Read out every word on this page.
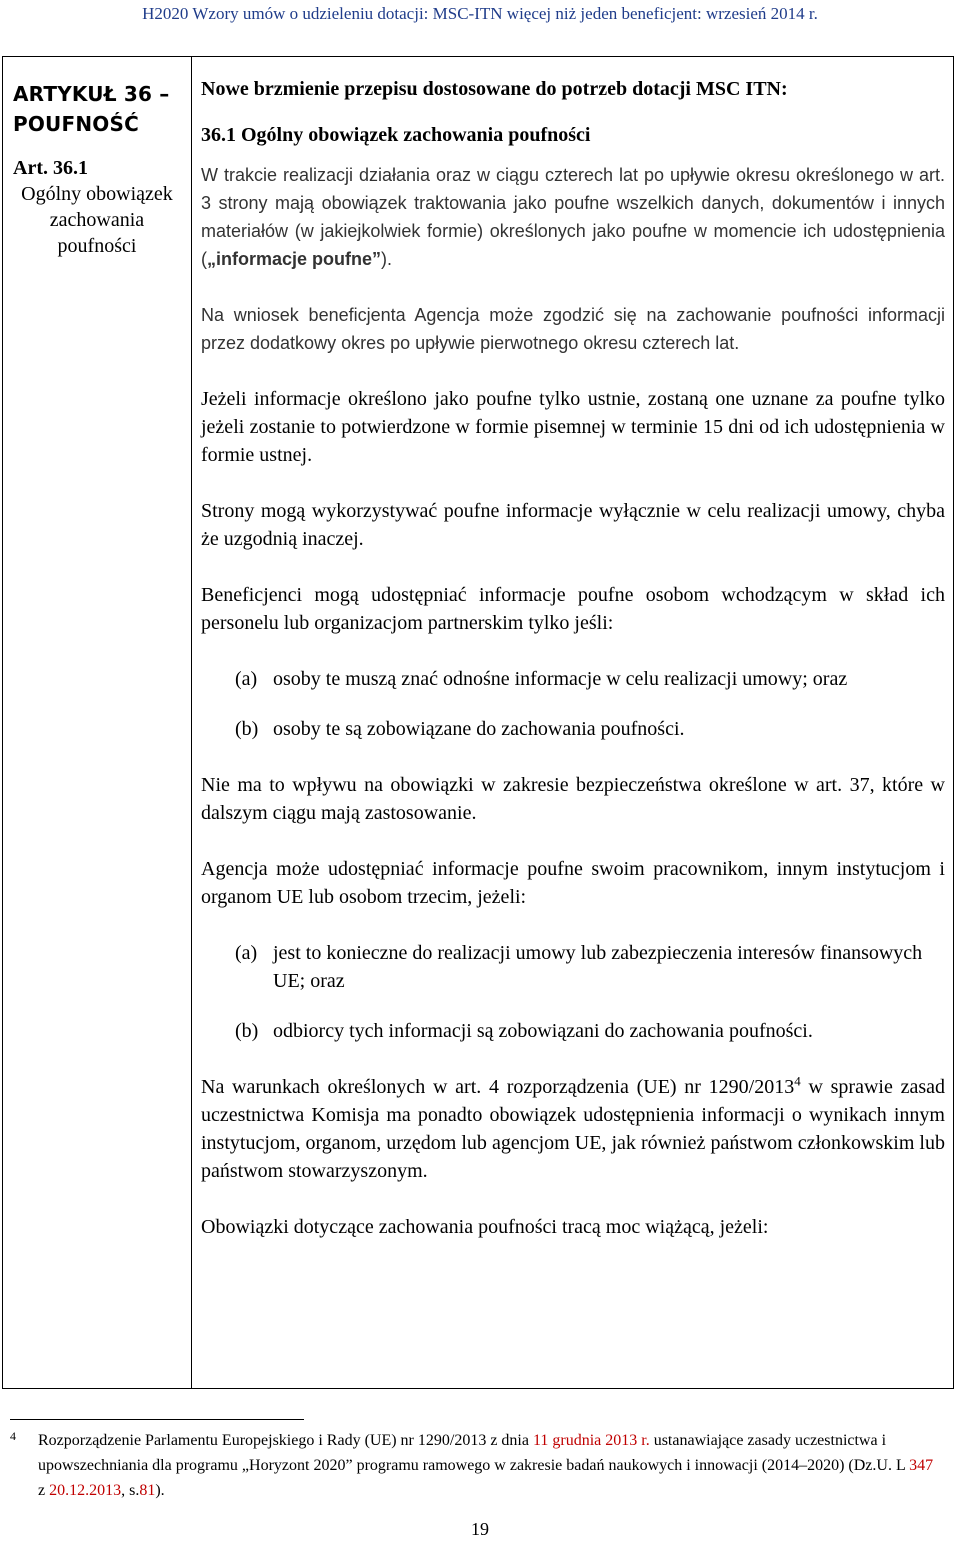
H2020 Wzory umów o udzieleniu dotacji: MSC-ITN więcej niż jeden beneficjent: wrzesień 2014 r.
ARTYKUŁ 36 – POUFNOŚĆ
Art. 36.1
Ogólny obowiązek zachowania poufności

Nowe brzmienie przepisu dostosowane do potrzeb dotacji MSC ITN:

36.1 Ogólny obowiązek zachowania poufności

W trakcie realizacji działania oraz w ciągu czterech lat po upływie okresu określonego w art. 3 strony mają obowiązek traktowania jako poufne wszelkich danych, dokumentów i innych materiałów (w jakiejkolwiek formie) określonych jako poufne w momencie ich udostępnienia („informacje poufne”).

Na wniosek beneficjenta Agencja może zgodzić się na zachowanie poufności informacji przez dodatkowy okres po upływie pierwotnego okresu czterech lat.

Jeżeli informacje określono jako poufne tylko ustnie, zostaną one uznane za poufne tylko jeżeli zostanie to potwierdzone w formie pisemnej w terminie 15 dni od ich udostępnienia w formie ustnej.

Strony mogą wykorzystywać poufne informacje wyłącznie w celu realizacji umowy, chyba że uzgodnią inaczej.

Beneficjenci mogą udostępniać informacje poufne osobom wchodzącym w skład ich personelu lub organizacjom partnerskim tylko jeśli:

(a) osoby te muszą znać odnośne informacje w celu realizacji umowy; oraz

(b) osoby te są zobowiązane do zachowania poufności.

Nie ma to wpływu na obowiązki w zakresie bezpieczeństwa określone w art. 37, które w dalszym ciągu mają zastosowanie.

Agencja może udostępniać informacje poufne swoim pracownikom, innym instytucjom i organom UE lub osobom trzecim, jeżeli:

(a) jest to konieczne do realizacji umowy lub zabezpieczenia interesów finansowych UE; oraz

(b) odbiorcy tych informacji są zobowiązani do zachowania poufności.

Na warunkach określonych w art. 4 rozporządzenia (UE) nr 1290/2013$^4$ w sprawie zasad uczestnictwa Komisja ma ponadto obowiązek udostępnienia informacji o wynikach innym instytucjom, organom, urzędom lub agencjom UE, jak również państwom członkowskim lub państwom stowarzyszonym.

Obowiązki dotyczące zachowania poufności tracą moc wiążącą, jeżeli:

4 Rozporządzenie Parlamentu Europejskiego i Rady (UE) nr 1290/2013 z dnia 11 grudnia 2013 r. ustanawiające zasady uczestnictwa i upowszechniania dla programu „Horyzont 2020” programu ramowego w zakresie badań naukowych i innowacji (2014–2020) (Dz.U. L 347 z 20.12.2013, s.81).
19
